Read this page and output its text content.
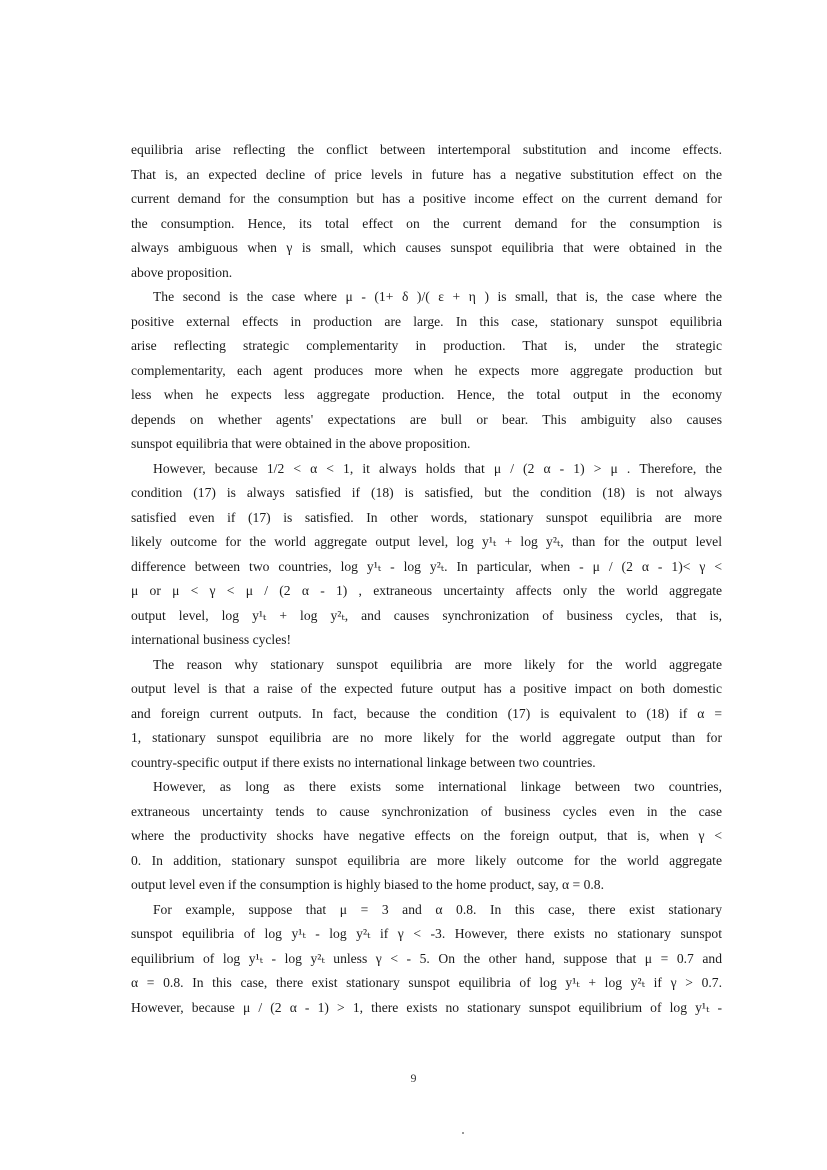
equilibria arise reflecting the conflict between intertemporal substitution and income effects.
That is, an expected decline of price levels in future has a negative substitution effect on the
current demand for the consumption but has a positive income effect on the current demand for
the consumption. Hence, its total effect on the current demand for the consumption is
always ambiguous when γ is small, which causes sunspot equilibria that were obtained in the
above proposition.
The second is the case where μ - (1+ δ )/( ε + η ) is small, that is, the case where the
positive external effects in production are large. In this case, stationary sunspot equilibria
arise reflecting strategic complementarity in production. That is, under the strategic
complementarity, each agent produces more when he expects more aggregate production but
less when he expects less aggregate production. Hence, the total output in the economy
depends on whether agents' expectations are bull or bear. This ambiguity also causes
sunspot equilibria that were obtained in the above proposition.
However, because 1/2 < α < 1, it always holds that μ / (2 α - 1) > μ . Therefore, the
condition (17) is always satisfied if (18) is satisfied, but the condition (18) is not always
satisfied even if (17) is satisfied. In other words, stationary sunspot equilibria are more
likely outcome for the world aggregate output level, log y¹ₜ + log y²ₜ, than for the output level
difference between two countries, log y¹ₜ - log y²ₜ. In particular, when - μ / (2 α - 1)< γ <
μ or μ < γ < μ / (2 α - 1) , extraneous uncertainty affects only the world aggregate
output level, log y¹ₜ + log y²ₜ, and causes synchronization of business cycles, that is,
international business cycles!
The reason why stationary sunspot equilibria are more likely for the world aggregate
output level is that a raise of the expected future output has a positive impact on both domestic
and foreign current outputs. In fact, because the condition (17) is equivalent to (18) if α =
1, stationary sunspot equilibria are no more likely for the world aggregate output than for
country-specific output if there exists no international linkage between two countries.
However, as long as there exists some international linkage between two countries,
extraneous uncertainty tends to cause synchronization of business cycles even in the case
where the productivity shocks have negative effects on the foreign output, that is, when γ <
0. In addition, stationary sunspot equilibria are more likely outcome for the world aggregate
output level even if the consumption is highly biased to the home product, say, α = 0.8.
For example, suppose that μ = 3 and α 0.8. In this case, there exist stationary
sunspot equilibria of log y¹ₜ - log y²ₜ if γ < -3. However, there exists no stationary sunspot
equilibrium of log y¹ₜ - log y²ₜ unless γ < - 5. On the other hand, suppose that μ = 0.7 and
α = 0.8. In this case, there exist stationary sunspot equilibria of log y¹ₜ + log y²ₜ if γ > 0.7.
However, because μ / (2 α - 1) > 1, there exists no stationary sunspot equilibrium of log y¹ₜ -
9
